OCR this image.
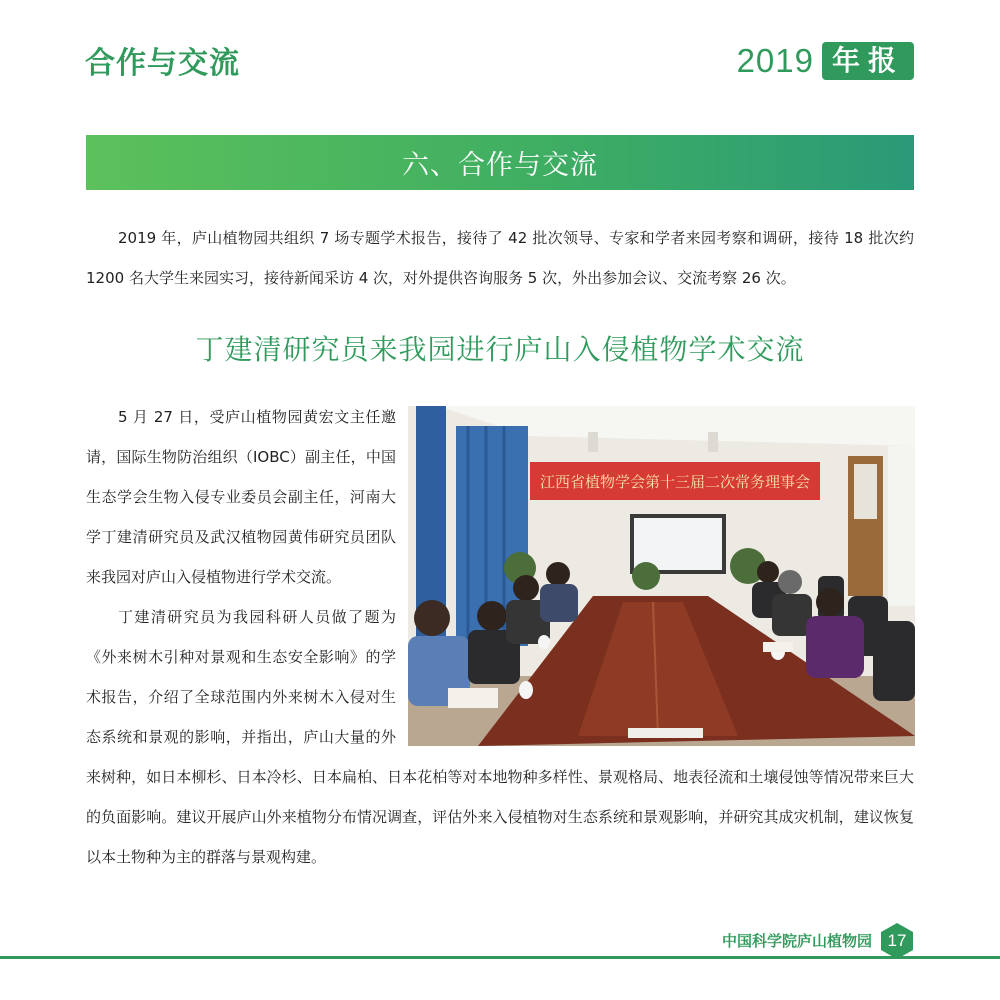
合作与交流	2019 年报
六、合作与交流

2019 年，庐山植物园共组织 7 场专题学术报告，接待了 42 批次领导、专家和学者来园考察和调研，接待 18 批次约 1200 名大学生来园实习，接待新闻采访 4 次，对外提供咨询服务 5 次，外出参加会议、交流考察 26 次。

丁建清研究员来我园进行庐山入侵植物学术交流

5 月 27 日，受庐山植物园黄宏文主任邀请，国际生物防治组织（IOBC）副主任，中国生态学会生物入侵专业委员会副主任，河南大学丁建清研究员及武汉植物园黄伟研究员团队来我园对庐山入侵植物进行学术交流。

丁建清研究员为我园科研人员做了题为《外来树木引种对景观和生态安全影响》的学术报告，介绍了全球范围内外来树木入侵对生态系统和景观的影响，并指出，庐山大量的外来树种，如日本柳杉、日本冷杉、日本扁柏、日本花柏等对本地物种多样性、景观格局、地表径流和土壤侵蚀等情况带来巨大的负面影响。建议开展庐山外来植物分布情况调查，评估外来入侵植物对生态系统和景观影响，并研究其成灾机制，建议恢复以本土物种为主的群落与景观构建。

江西省植物学会第十三届二次常务理事会
中国科学院庐山植物园 17
